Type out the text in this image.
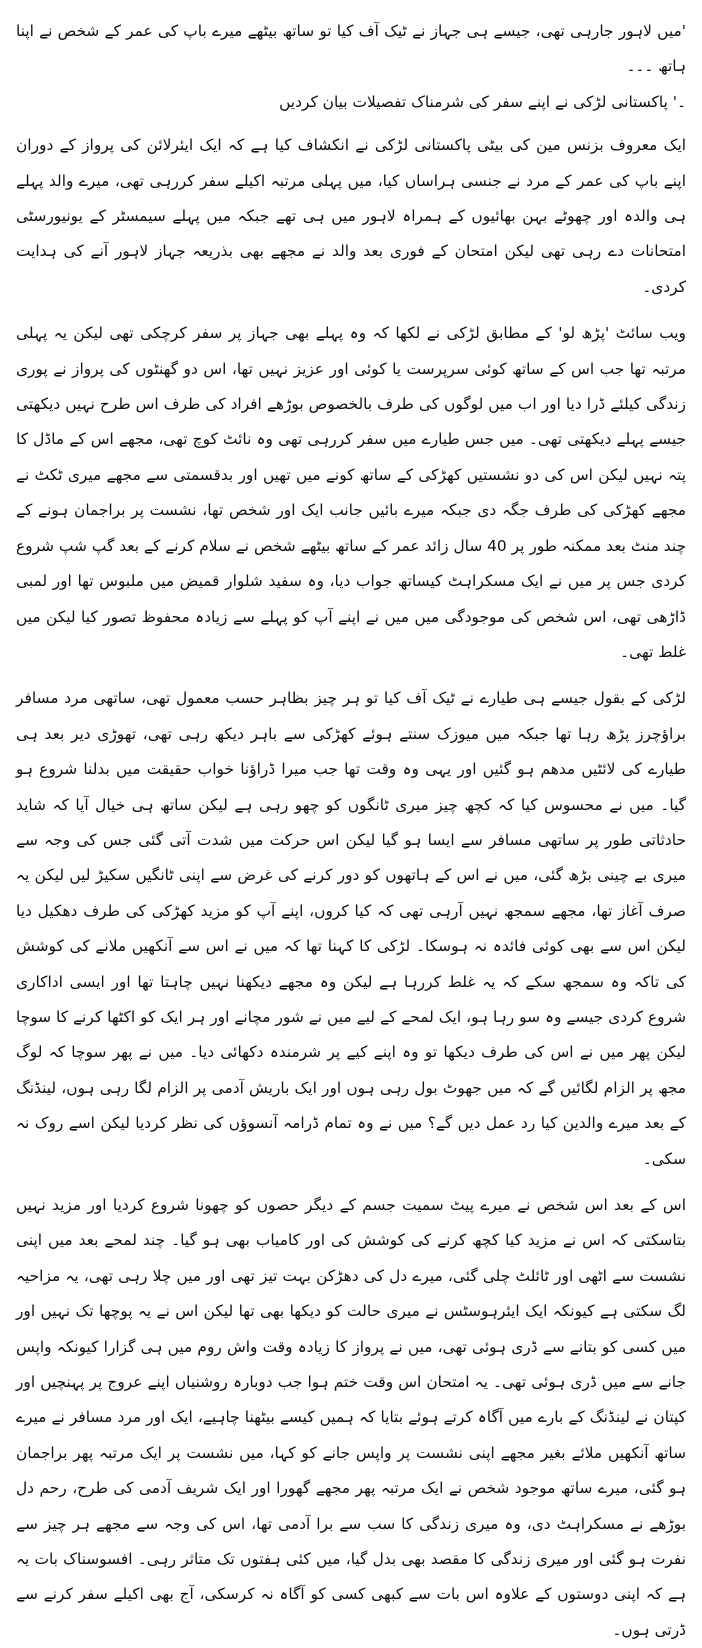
'میں لاہور جارہی تھی، جیسے ہی جہاز نے ٹیک آف کیا تو ساتھ بیٹھے میرے باپ کی عمر کے شخص نے اپنا ہاتھ ۔۔۔

۔' پاکستانی لڑکی نے اپنے سفر کی شرمناک تفصیلات بیان کردیں

ایک معروف بزنس مین کی بیٹی پاکستانی لڑکی نے انکشاف کیا ہے کہ ایک ایئرلائن کی پرواز کے دوران اپنے باپ کی عمر کے مرد نے جنسی ہراساں کیا، میں پہلی مرتبہ اکیلے سفر کررہی تھی، میرے والد پہلے ہی والدہ اور چھوٹے بہن بھائیوں کے ہمراہ لاہور میں ہی تھے جبکہ میں پہلے سیمسٹر کے یونیورسٹی امتحانات دے رہی تھی لیکن امتحان کے فوری بعد والد نے مجھے بھی بذریعہ جہاز لاہور آنے کی ہدایت کردی۔

ویب سائٹ 'پڑھ لو' کے مطابق لڑکی نے لکھا کہ وہ پہلے بھی جہاز پر سفر کرچکی تھی لیکن یہ پہلی مرتبہ تھا جب اس کے ساتھ کوئی سرپرست یا کوئی اور عزیز نہیں تھا، اس دو گھنٹوں کی پرواز نے پوری زندگی کیلئے ڈرا دیا اور اب میں لوگوں کی طرف بالخصوص بوڑھے افراد کی طرف اس طرح نہیں دیکھتی جیسے پہلے دیکھتی تھی۔ میں جس طیارے میں سفر کررہی تھی وہ نائٹ کوچ تھی، مجھے اس کے ماڈل کا پتہ نہیں لیکن اس کی دو نشستیں کھڑکی کے ساتھ کونے میں تھیں اور بدقسمتی سے مجھے میری ٹکٹ نے مجھے کھڑکی کی طرف جگہ دی جبکہ میرے بائیں جانب ایک اور شخص تھا، نشست پر براجمان ہونے کے چند منٹ بعد ممکنہ طور پر 40 سال زائد عمر کے ساتھ بیٹھے شخص نے سلام کرنے کے بعد گپ شپ شروع کردی جس پر میں نے ایک مسکراہٹ کیساتھ جواب دیا، وہ سفید شلوار قمیض میں ملبوس تھا اور لمبی ڈاڑھی تھی، اس شخص کی موجودگی میں میں نے اپنے آپ کو پہلے سے زیادہ محفوظ تصور کیا لیکن میں غلط تھی۔

لڑکی کے بقول جیسے ہی طیارے نے ٹیک آف کیا تو ہر چیز بظاہر حسب معمول تھی، ساتھی مرد مسافر براؤچرز پڑھ رہا تھا جبکہ میں میوزک سنتے ہوئے کھڑکی سے باہر دیکھ رہی تھی، تھوڑی دیر بعد ہی طیارے کی لائٹیں مدھم ہو گئیں اور یہی وہ وقت تھا جب میرا ڈراؤنا خواب حقیقت میں بدلنا شروع ہو گیا۔ میں نے محسوس کیا کہ کچھ چیز میری ٹانگوں کو چھو رہی ہے لیکن ساتھ ہی خیال آیا کہ شاید حادثاتی طور پر ساتھی مسافر سے ایسا ہو گیا لیکن اس حرکت میں شدت آتی گئی جس کی وجہ سے میری بے چینی بڑھ گئی، میں نے اس کے ہاتھوں کو دور کرنے کی غرض سے اپنی ٹانگیں سکیڑ لیں لیکن یہ صرف آغاز تھا، مجھے سمجھ نہیں آرہی تھی کہ کیا کروں، اپنے آپ کو مزید کھڑکی کی طرف دھکیل دیا لیکن اس سے بھی کوئی فائدہ نہ ہوسکا۔ لڑکی کا کہنا تھا کہ میں نے اس سے آنکھیں ملانے کی کوشش کی تاکہ وہ سمجھ سکے کہ یہ غلط کررہا ہے لیکن وہ مجھے دیکھنا نہیں چاہتا تھا اور ایسی اداکاری شروع کردی جیسے وہ سو رہا ہو، ایک لمحے کے لیے میں نے شور مچانے اور ہر ایک کو اکٹھا کرنے کا سوچا لیکن پھر میں نے اس کی طرف دیکھا تو وہ اپنے کیے پر شرمندہ دکھائی دیا۔ میں نے پھر سوچا کہ لوگ مجھ پر الزام لگائیں گے کہ میں جھوٹ بول رہی ہوں اور ایک باریش آدمی پر الزام لگا رہی ہوں، لینڈنگ کے بعد میرے والدین کیا رد عمل دیں گے؟ میں نے وہ تمام ڈرامہ آنسوؤں کی نظر کردیا لیکن اسے روک نہ سکی۔

اس کے بعد اس شخص نے میرے پیٹ سمیت جسم کے دیگر حصوں کو چھونا شروع کردیا اور مزید نہیں بتاسکتی کہ اس نے مزید کیا کچھ کرنے کی کوشش کی اور کامیاب بھی ہو گیا۔ چند لمحے بعد میں اپنی نشست سے اٹھی اور ٹائلٹ چلی گئی، میرے دل کی دھڑکن بہت تیز تھی اور میں چلا رہی تھی، یہ مزاحیہ لگ سکتی ہے کیونکہ ایک ایئرہوسٹس نے میری حالت کو دیکھا بھی تھا لیکن اس نے یہ پوچھا تک نہیں اور میں کسی کو بتانے سے ڈری ہوئی تھی، میں نے پرواز کا زیادہ وقت واش روم میں ہی گزارا کیونکہ واپس جانے سے میں ڈری ہوئی تھی۔ یہ امتحان اس وقت ختم ہوا جب دوبارہ روشنیاں اپنے عروج پر پہنچیں اور کپتان نے لینڈنگ کے بارے میں آگاہ کرتے ہوئے بتایا کہ ہمیں کیسے بیٹھنا چاہیے، ایک اور مرد مسافر نے میرے ساتھ آنکھیں ملائے بغیر مجھے اپنی نشست پر واپس جانے کو کہا، میں نشست پر ایک مرتبہ پھر براجمان ہو گئی، میرے ساتھ موجود شخص نے ایک مرتبہ پھر مجھے گھورا اور ایک شریف آدمی کی طرح، رحم دل بوڑھے نے مسکراہٹ دی، وہ میری زندگی کا سب سے برا آدمی تھا، اس کی وجہ سے مجھے ہر چیز سے نفرت ہو گئی اور میری زندگی کا مقصد بھی بدل گیا، میں کئی ہفتوں تک متاثر رہی۔ افسوسناک بات یہ ہے کہ اپنی دوستوں کے علاوہ اس بات سے کبھی کسی کو آگاہ نہ کرسکی، آج بھی اکیلے سفر کرنے سے ڈرتی ہوں۔
